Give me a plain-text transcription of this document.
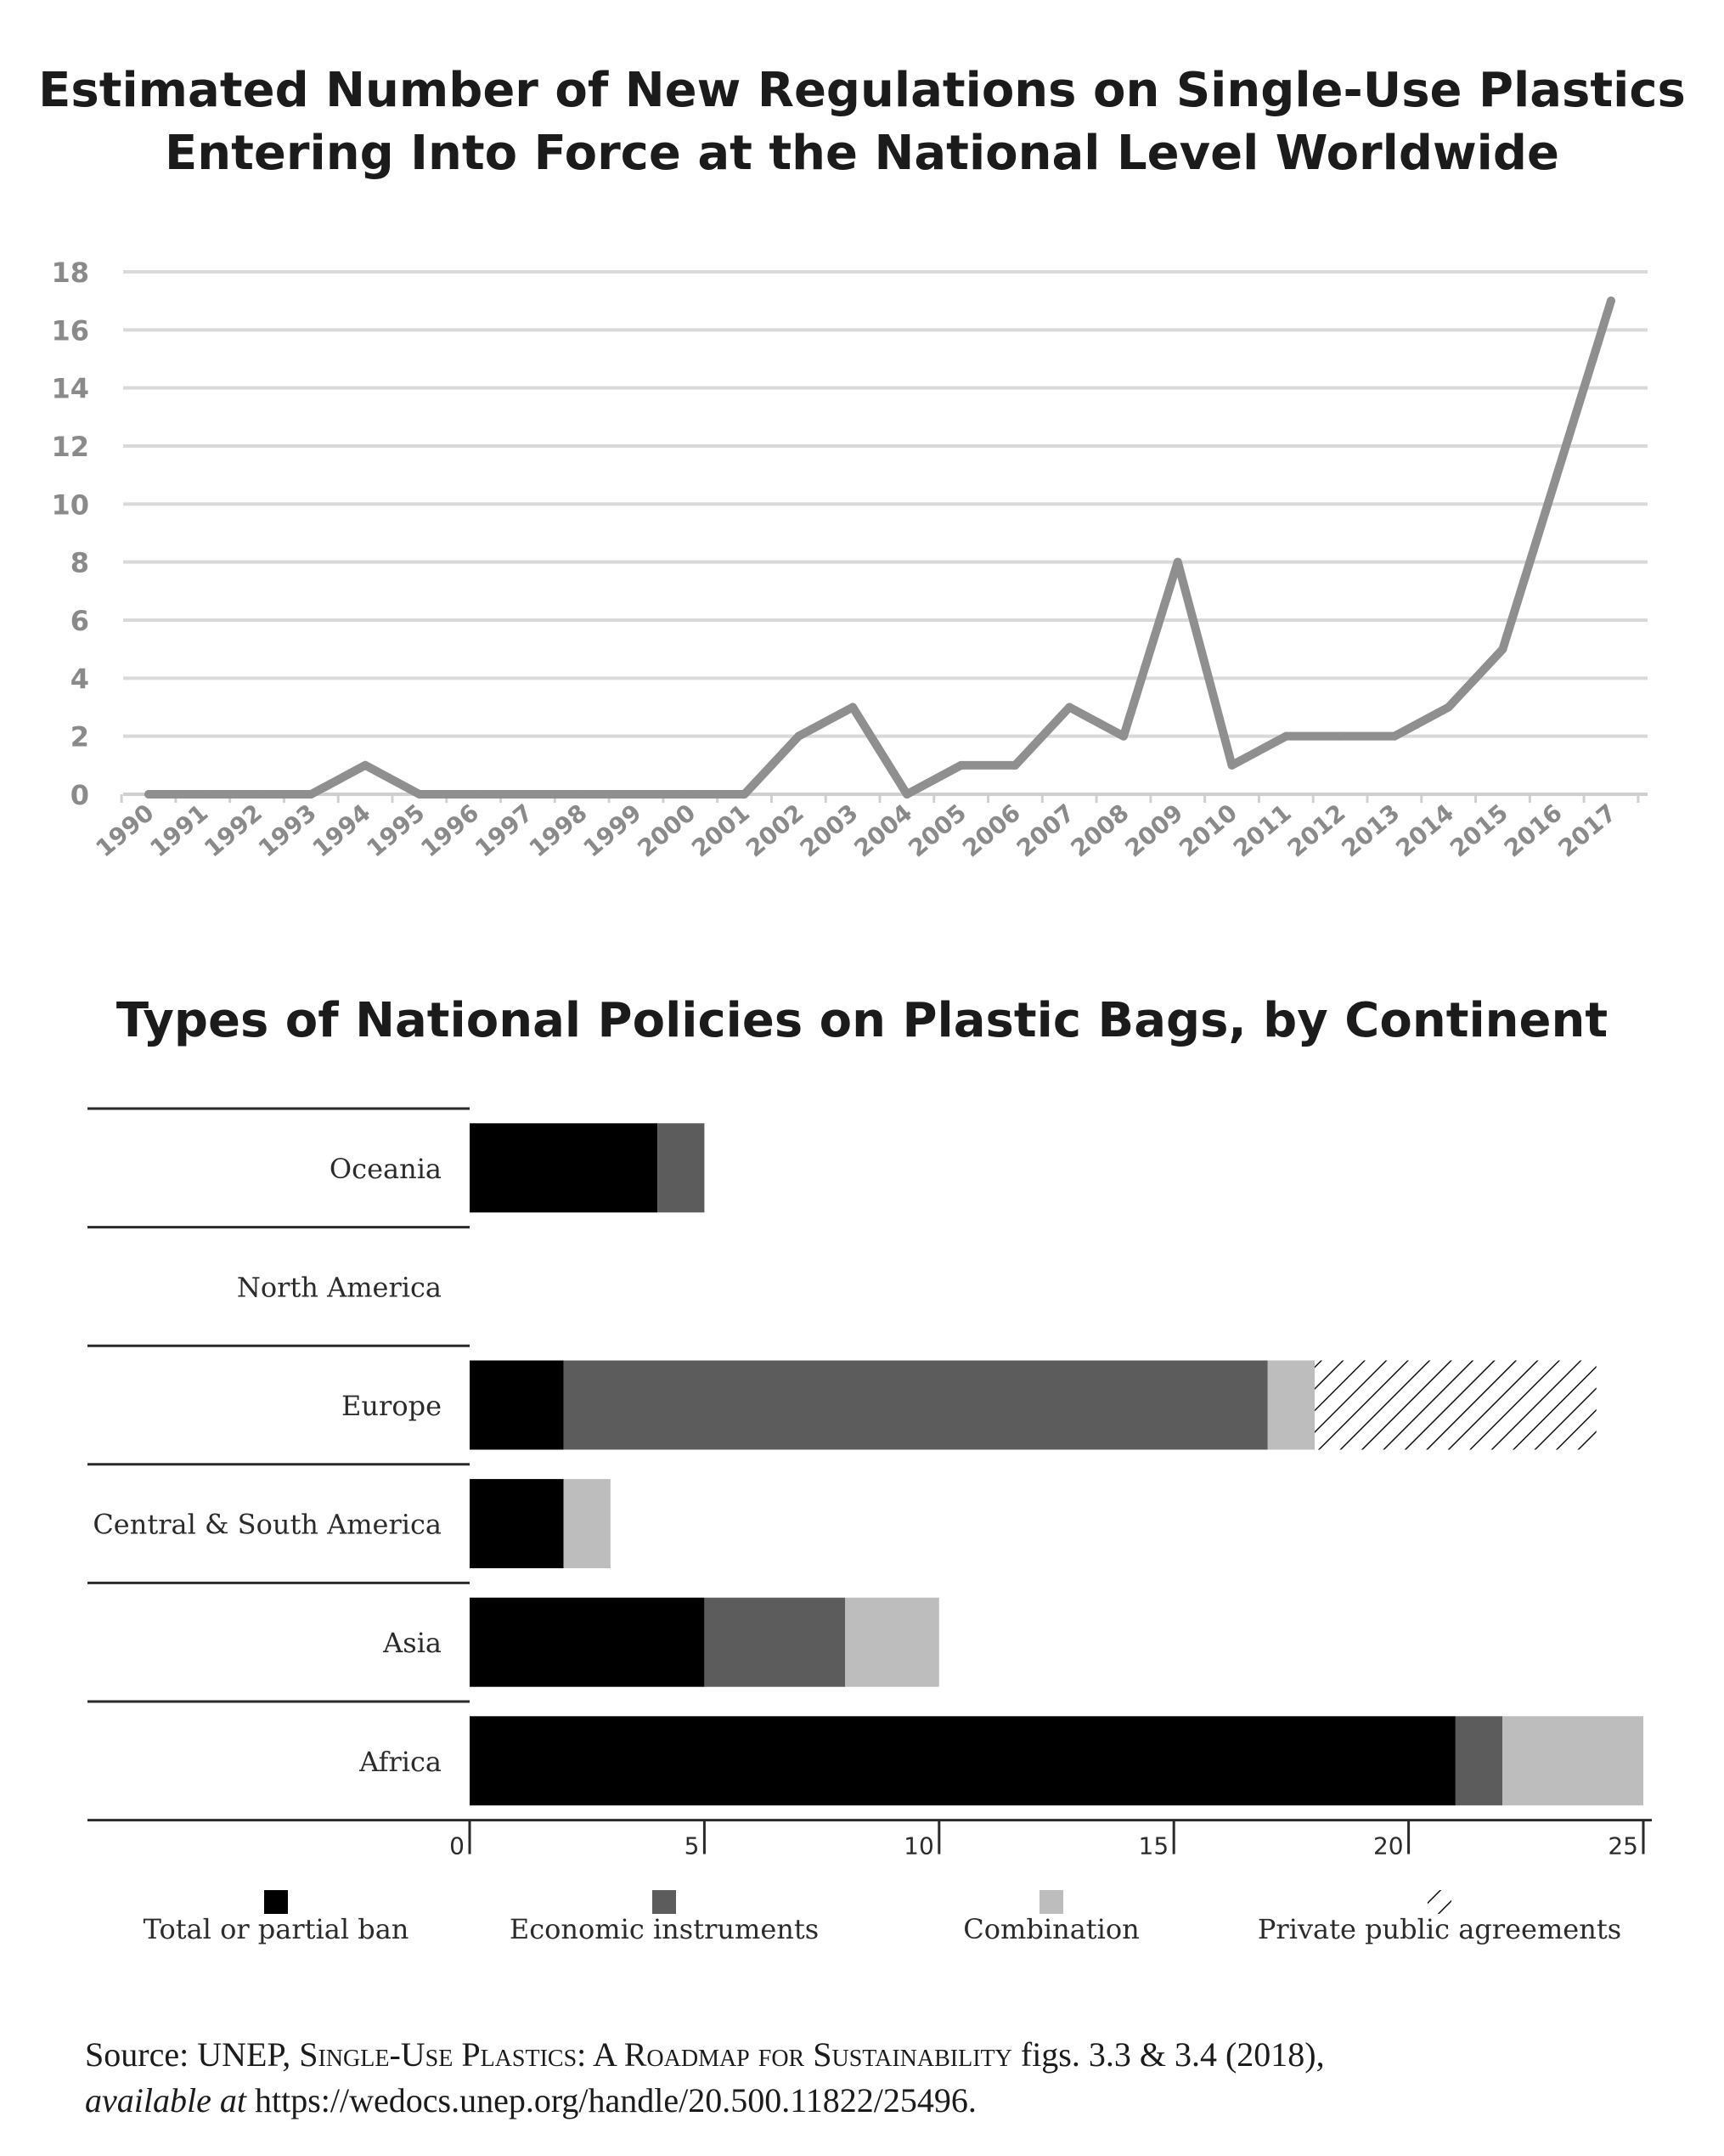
Estimated Number of New Regulations on Single-Use Plastics
Entering Into Force at the National Level Worldwide
0
2
4
6
8
10
12
14
16
18
1990
1991
1992
1993
1994
1995
1996
1997
1998
1999
2000
2001
2002
2003
2004
2005
2006
2007
2008
2009
2010
2011
2012
2013
2014
2015
2016
2017
Types of National Policies on Plastic Bags, by Continent
Oceania
North America
Europe
Central & South America
Asia
Africa
0	5	10	15	20	25
Total or partial ban	Economic instruments	Combination	Private public agreements
Source: UNEP, Single-Use Plastics: A Roadmap for Sustainability figs. 3.3 & 3.4 (2018),
available at https://wedocs.unep.org/handle/20.500.11822/25496.
